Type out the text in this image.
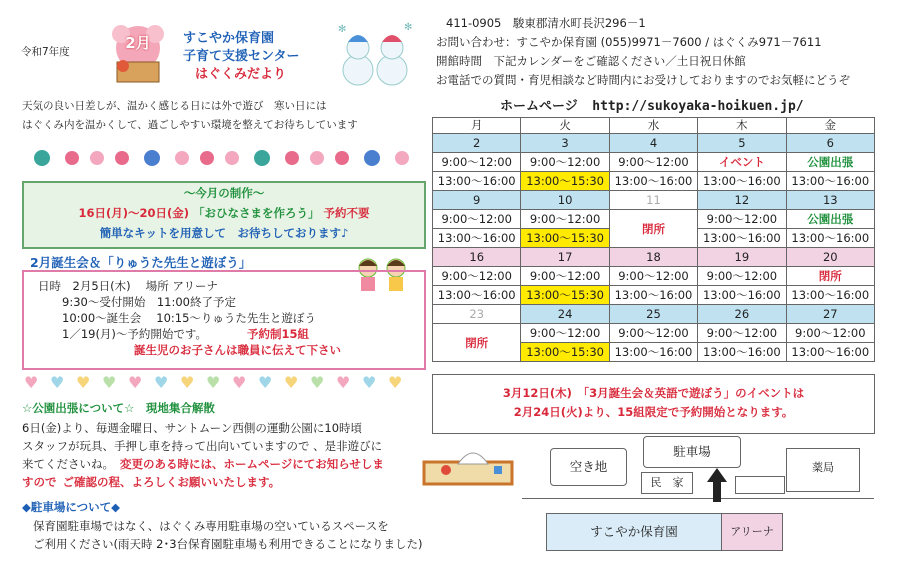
令和7年度	2月	すこやか保育園
子育て支援センター
はぐくみだより
✻	✻
天気の良い日差しが、温かく感じる日には外で遊び　寒い日には
はぐくみ内を温かくして、過ごしやすい環境を整えてお待ちしています
～今月の制作～
16日(月)～20日(金) 「おひなさまを作ろう」 予約不要
簡単なキットを用意して　お待ちしております♪
2月誕生会＆「りゅうた先生と遊ぼう」
日時　2月5日(木)　 場所 アリーナ
9:30～受付開始　11:00終了予定
10:00～誕生会　 10:15～りゅうた先生と遊ぼう
1／19(月)～予約開始です。	予約制15組
誕生児のお子さんは職員に伝えて下さい
♥ ♥ ♥ ♥ ♥ ♥ ♥ ♥ ♥ ♥ ♥ ♥ ♥ ♥ ♥
☆公園出張について☆　現地集合解散
6日(金)より、毎週金曜日、サントムーン西側の運動公園に10時頃
スタッフが玩具、手押し車を持って出向いていますので 、是非遊びに
来てくださいね。 変更のある時には、ホームページにてお知らせしま
すので ご確認の程、よろしくお願いいたします。
◆駐車場について◆
保育園駐車場ではなく、はぐくみ専用駐車場の空いているスペースを
ご利用ください(雨天時 2･3台保育園駐車場も利用できることになりました)
411-0905　駿東郡清水町長沢296－1
お問い合わせ：すこやか保育園 (055)9971－7600 / はぐくみ971－7611
開館時間　下記カレンダーをご確認ください／土日祝日休館
お電話での質問・育児相談など時間内にお受けしておりますのでお気軽にどうぞ
ホームページ http://sukoyaka-hoikuen.jp/
月	火	水	木	金
2	3	4	5	6
9:00～12:00	9:00～12:00	9:00～12:00	イベント	公園出張
13:00～16:00	13:00～15:30	13:00～16:00	13:00～16:00	13:00～16:00
9	10	11	12	13
9:00～12:00	9:00～12:00	閉所	9:00～12:00	公園出張
13:00～16:00	13:00～15:30		13:00～16:00	13:00～16:00
16	17	18	19	20
9:00～12:00	9:00～12:00	9:00～12:00	9:00～12:00	閉所
13:00～16:00	13:00～15:30	13:00～16:00	13:00～16:00	13:00～16:00
23	24	25	26	27
閉所	9:00～12:00	9:00～12:00	9:00～12:00	9:00～12:00
	13:00～15:30	13:00～16:00	13:00～16:00	13:00～16:00
3月12日(木)　「3月誕生会＆英語で遊ぼう」のイベントは
2月24日(火)より、15組限定で予約開始となります。
空き地
駐車場
薬局
民　家
すこやか保育園	アリーナ
